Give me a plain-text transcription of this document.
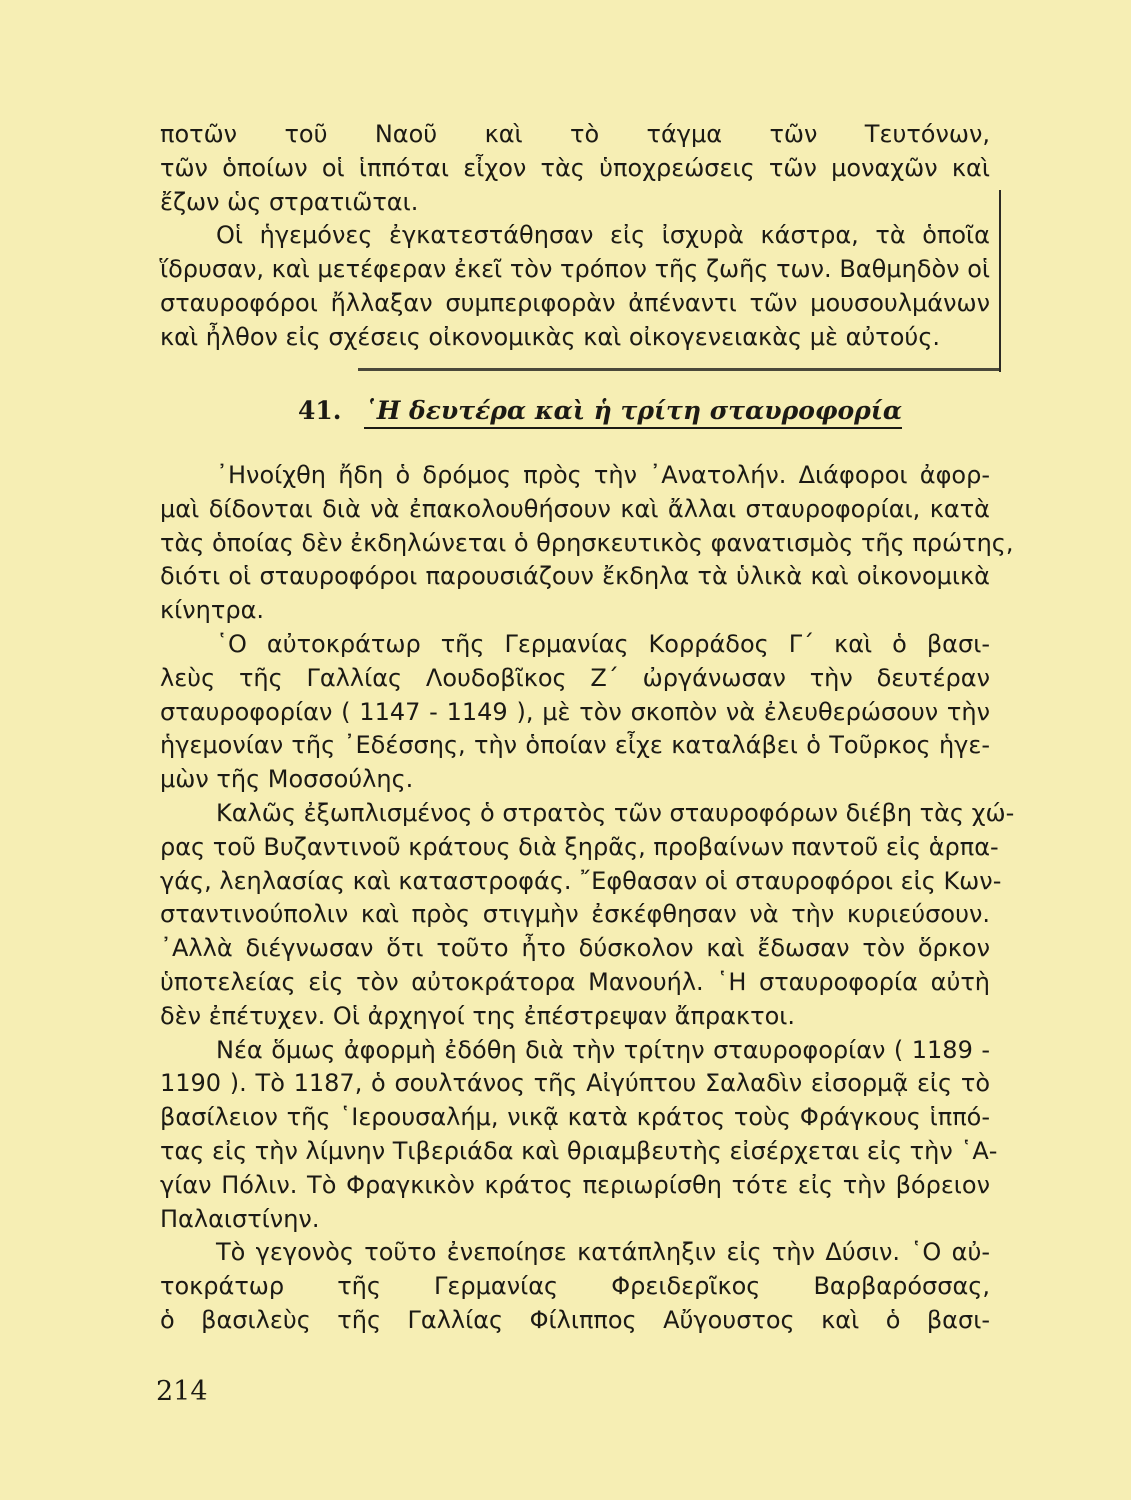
ποτῶν τοῦ Ναοῦ καὶ τὸ τάγμα τῶν Τευτόνων,
τῶν ὁποίων οἱ ἱππόται εἶχον τὰς ὑποχρεώσεις τῶν μοναχῶν καὶ
ἔζων ὡς στρατιῶται.
Οἱ ἡγεμόνες ἐγκατεστάθησαν εἰς ἰσχυρὰ κάστρα, τὰ ὁποῖα
ἵδρυσαν, καὶ μετέφεραν ἐκεῖ τὸν τρόπον τῆς ζωῆς των. Βαθμηδὸν οἱ
σταυροφόροι ἤλλαξαν συμπεριφορὰν ἀπέναντι τῶν μουσουλμάνων
καὶ ἦλθον εἰς σχέσεις οἰκονομικὰς καὶ οἰκογενειακὰς μὲ αὐτούς.
41. ῾Η δευτέρα καὶ ἡ τρίτη σταυροφορία
᾿Ηνοίχθη ἤδη ὁ δρόμος πρὸς τὴν ᾿Ανατολήν. Διάφοροι ἀφορ-
μαὶ δίδονται διὰ νὰ ἐπακολουθήσουν καὶ ἄλλαι σταυροφορίαι, κατὰ
τὰς ὁποίας δὲν ἐκδηλώνεται ὁ θρησκευτικὸς φανατισμὸς τῆς πρώτης,
διότι οἱ σταυροφόροι παρουσιάζουν ἔκδηλα τὰ ὑλικὰ καὶ οἰκονομικὰ
κίνητρα.
῾Ο αὐτοκράτωρ τῆς Γερμανίας Κορράδος Γ΄ καὶ ὁ βασι-
λεὺς τῆς Γαλλίας Λουδοβῖκος Ζ΄ ὠργάνωσαν τὴν δευτέραν
σταυροφορίαν ( 1147 - 1149 ), μὲ τὸν σκοπὸν νὰ ἐλευθερώσουν τὴν
ἡγεμονίαν τῆς ᾿Εδέσσης, τὴν ὁποίαν εἶχε καταλάβει ὁ Τοῦρκος ἡγε-
μὼν τῆς Μοσσούλης.
Καλῶς ἐξωπλισμένος ὁ στρατὸς τῶν σταυροφόρων διέβη τὰς χώ-
ρας τοῦ Βυζαντινοῦ κράτους διὰ ξηρᾶς, προβαίνων παντοῦ εἰς ἁρπα-
γάς, λεηλασίας καὶ καταστροφάς. ῎Εφθασαν οἱ σταυροφόροι εἰς Κων-
σταντινούπολιν καὶ πρὸς στιγμὴν ἐσκέφθησαν νὰ τὴν κυριεύσουν.
᾿Αλλὰ διέγνωσαν ὅτι τοῦτο ἦτο δύσκολον καὶ ἔδωσαν τὸν ὅρκον
ὑποτελείας εἰς τὸν αὐτοκράτορα Μανουήλ. ῾Η σταυροφορία αὐτὴ
δὲν ἐπέτυχεν. Οἱ ἀρχηγοί της ἐπέστρεψαν ἄπρακτοι.
Νέα ὅμως ἀφορμὴ ἐδόθη διὰ τὴν τρίτην σταυροφορίαν ( 1189 -
1190 ). Τὸ 1187, ὁ σουλτάνος τῆς Αἰγύπτου Σαλαδὶν εἰσορμᾷ εἰς τὸ
βασίλειον τῆς ῾Ιερουσαλήμ, νικᾷ κατὰ κράτος τοὺς Φράγκους ἱππό-
τας εἰς τὴν λίμνην Τιβεριάδα καὶ θριαμβευτὴς εἰσέρχεται εἰς τὴν ῾Α-
γίαν Πόλιν. Τὸ Φραγκικὸν κράτος περιωρίσθη τότε εἰς τὴν βόρειον
Παλαιστίνην.
Τὸ γεγονὸς τοῦτο ἐνεποίησε κατάπληξιν εἰς τὴν Δύσιν. ῾Ο αὐ-
τοκράτωρ τῆς Γερμανίας Φρειδερῖκος Βαρβαρόσσας,
ὁ βασιλεὺς τῆς Γαλλίας Φίλιππος Αὔγουστος καὶ ὁ βασι-
214
